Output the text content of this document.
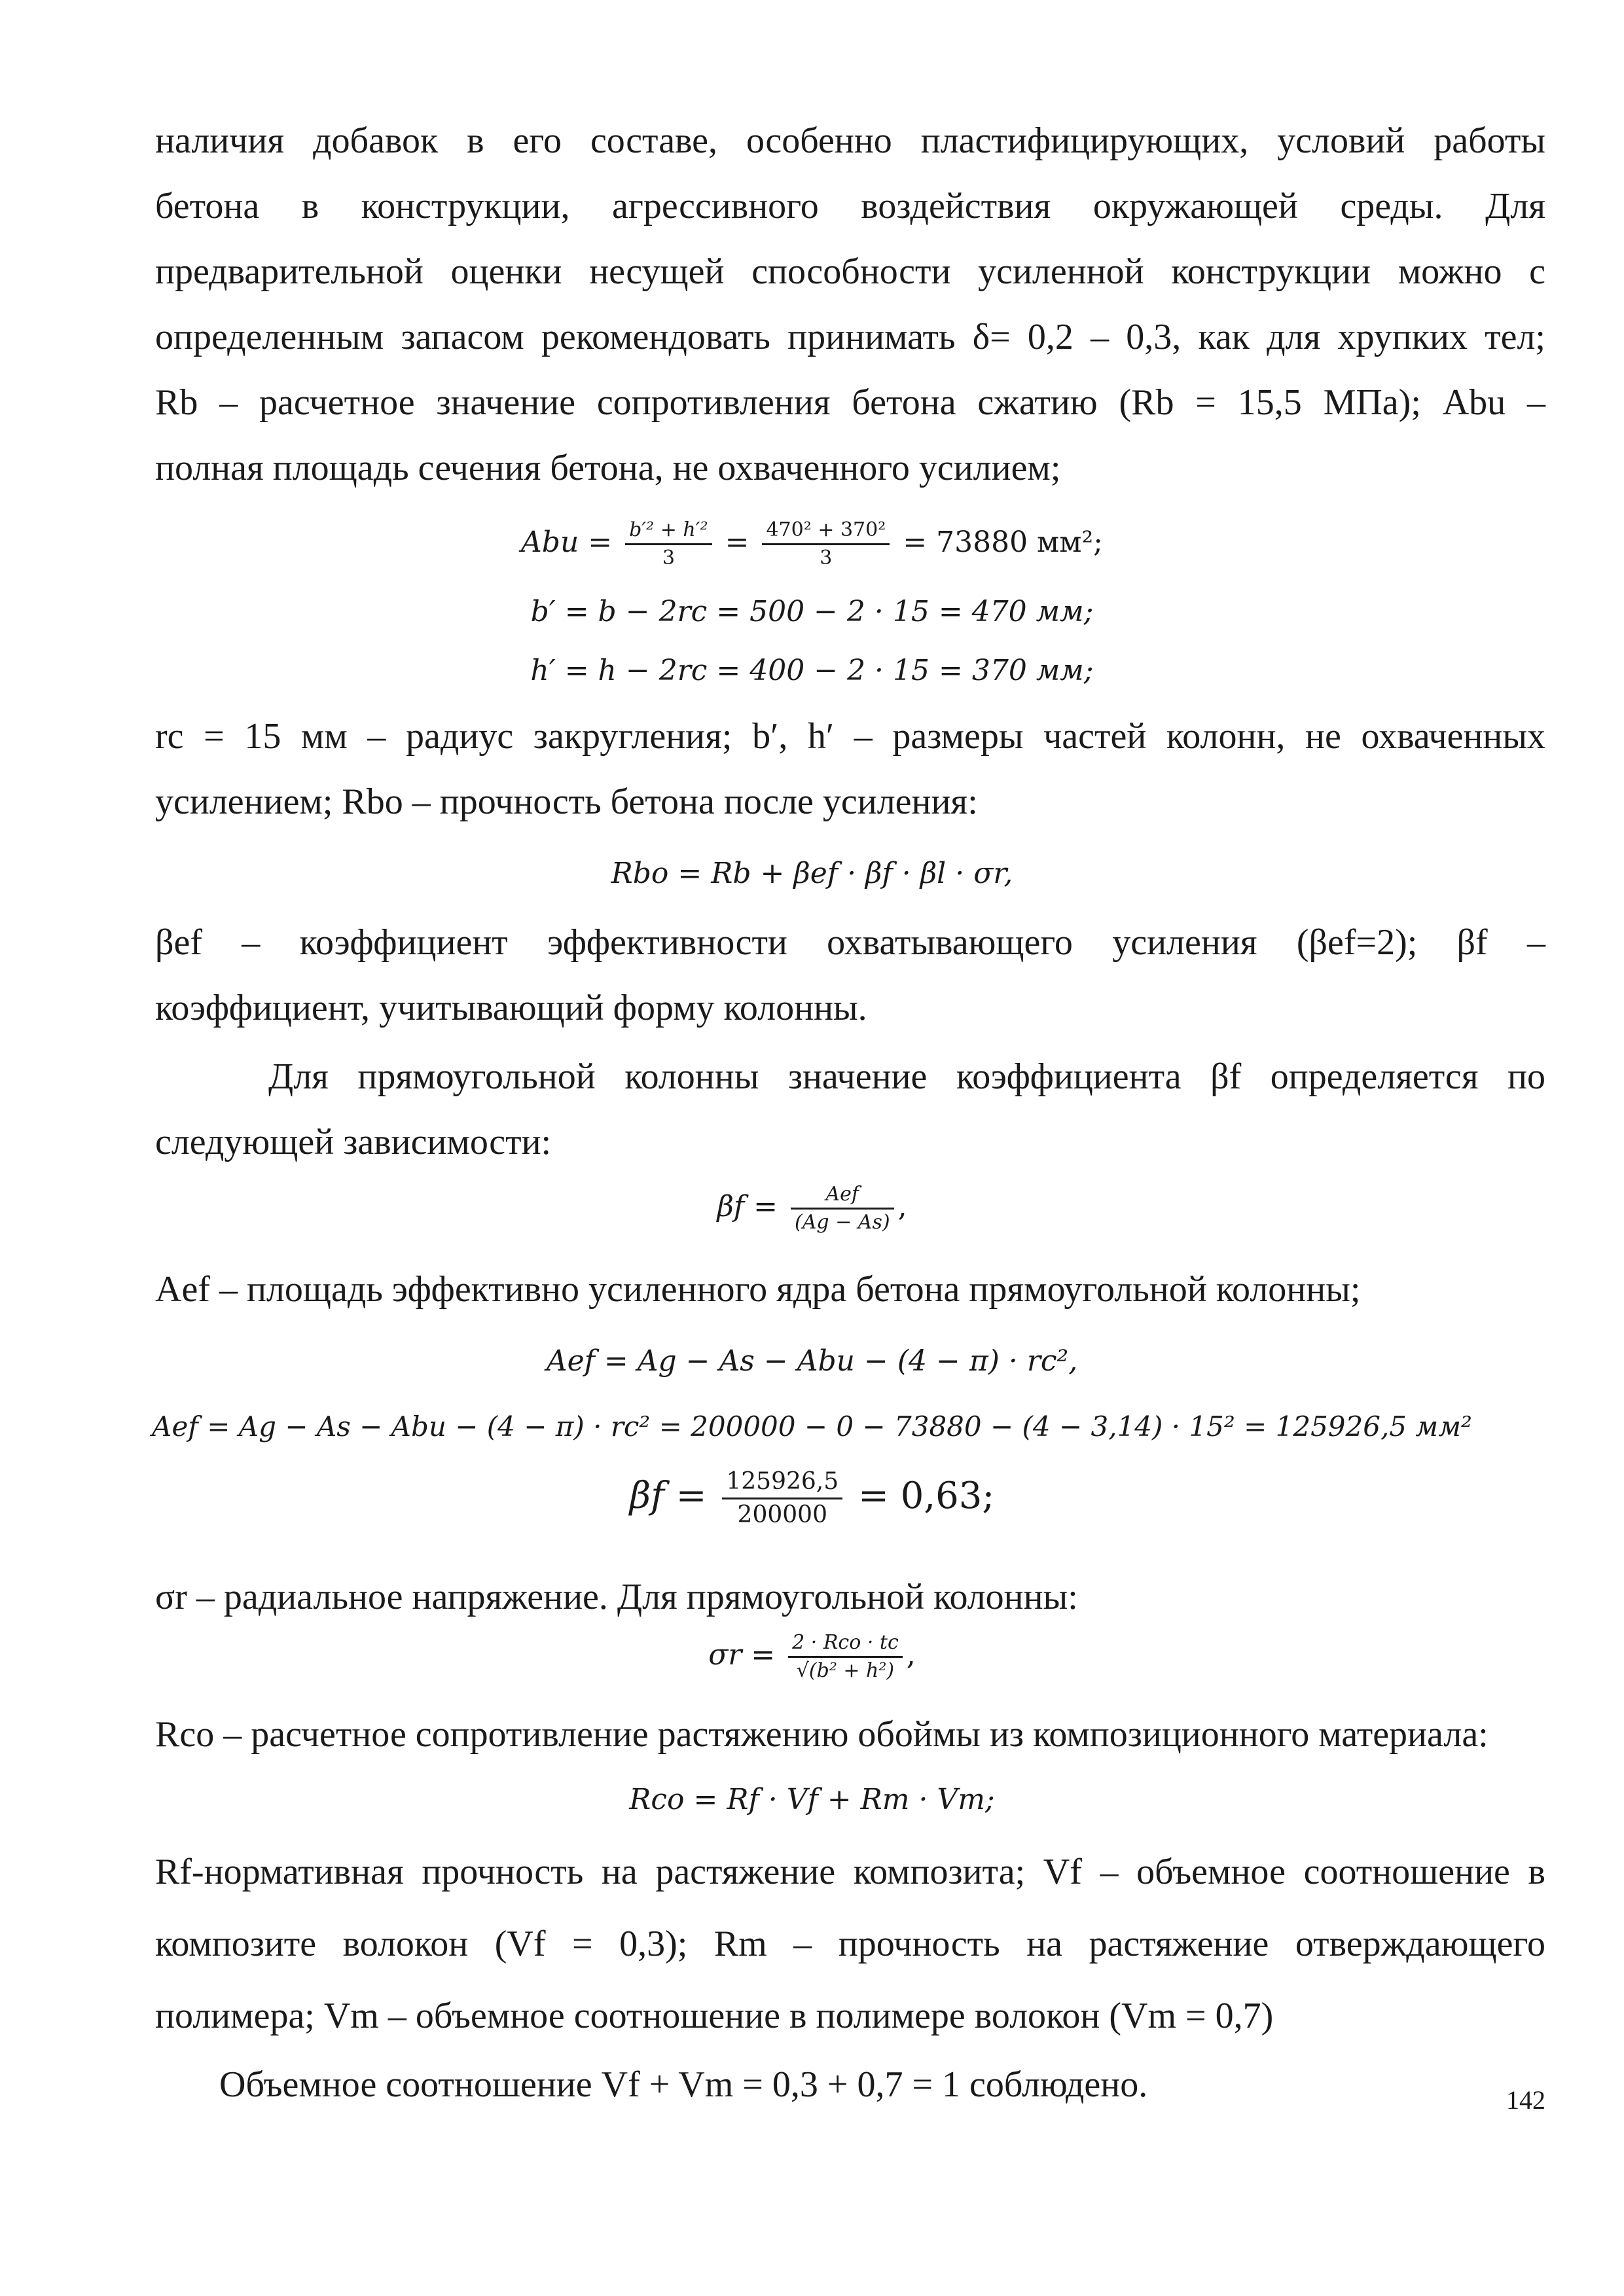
наличия добавок в его составе, особенно пластифицирующих, условий работы

бетона в конструкции, агрессивного воздействия окружающей среды. Для

предварительной оценки несущей способности усиленной конструкции можно с

определенным запасом рекомендовать принимать δ= 0,2 – 0,3, как для хрупких тел;

Rb – расчетное значение сопротивления бетона сжатию (Rb = 15,5 МПа); Abu –

полная площадь сечения бетона, не охваченного усилием;

Abu = $\frac{\text{b′² + h′²}}{3} = \frac{\text{470² + 370²}}{3} = 73880$ мм²;

b′ = b − 2rc = 500 − 2 · 15 = 470 мм;

h′ = h − 2rc = 400 − 2 · 15 = 370 мм;

rc = 15 мм – радиус закругления; b′, h′ – размеры частей колонн, не охваченных

усилением; Rbo – прочность бетона после усиления:

Rbo = Rb + βef · βf · βl · σr,

βef – коэффициент эффективности охватывающего усиления (βef=2); βf –

коэффициент, учитывающий форму колонны.

Для прямоугольной колонны значение коэффициента βf определяется по

следующей зависимости:

$\beta f = \frac{\text{Aef}}{(Ag - As)}$ ,

Aef – площадь эффективно усиленного ядра бетона прямоугольной колонны;

Aef = Ag − As − Abu − (4 − π) · rc²,

Aef = Ag − As − Abu − (4 − π) · rc² = 200000 − 0 − 73880 − (4 − 3,14) · 15² = 125926,5 мм²

$\beta f = \frac{125926,5}{200000} = 0,63$;

σr – радиальное напряжение. Для прямоугольной колонны:

$\sigma r = \frac{\text{2 · Rco · tc}}{\text{√(b² + h²)}}$ ,

Rco – расчетное сопротивление растяжению обоймы из композиционного материала:

Rco = Rf · Vf + Rm · Vm;

Rf-нормативная прочность на растяжение композита; Vf – объемное соотношение в

композите волокон (Vf = 0,3); Rm – прочность на растяжение отверждающего

полимера; Vm – объемное соотношение в полимере волокон (Vm = 0,7)

Объемное соотношение Vf + Vm = 0,3 + 0,7 = 1 соблюдено.	142
